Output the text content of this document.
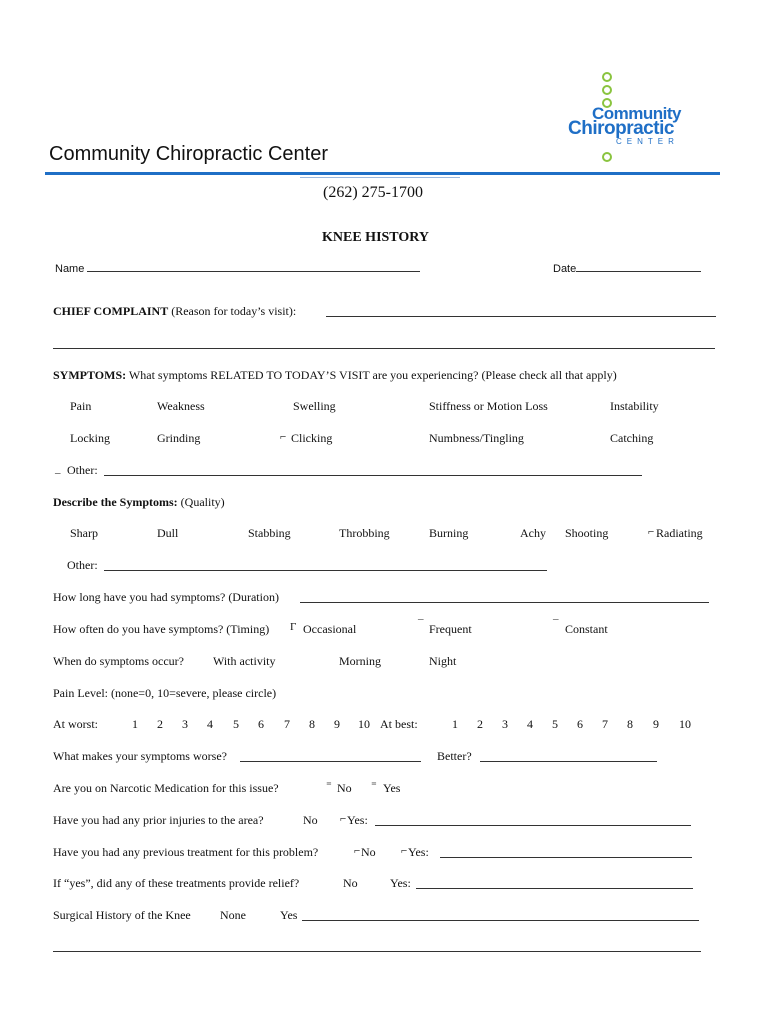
Community
Chiropractic
CENTER
Community Chiropractic Center
(262) 275-1700
KNEE HISTORY
Name	Date
CHIEF COMPLAINT (Reason for today’s visit):
SYMPTOMS: What symptoms RELATED TO TODAY’S VISIT are you experiencing? (Please check all that apply)
Pain	Weakness	Swelling	Stiffness or Motion Loss	Instability
Locking	Grinding	⌐ Clicking	Numbness/Tingling	Catching
_ Other:
Describe the Symptoms: (Quality)
Sharp	Dull	Stabbing	Throbbing	Burning	Achy Shooting	⌐ Radiating
Other:
How long have you had symptoms? (Duration)
How often do you have symptoms? (Timing) Γ Occasional	¯ Frequent	¯ Constant
When do symptoms occur? With activity	Morning	Night
Pain Level: (none=0, 10=severe, please circle)
At worst:	1 2 3 4 5 6 7 8 9 10 At best:	1 2 3 4 5 6 7 8 9 10
What makes your symptoms worse?	Better?
Are you on Narcotic Medication for this issue?	⁼ No ⁼ Yes
Have you had any prior injuries to the area?	No ⌐ Yes:
Have you had any previous treatment for this problem?	⌐ No ⌐ Yes:
If “yes”, did any of these treatments provide relief?	No	Yes:
Surgical History of the Knee None	Yes
